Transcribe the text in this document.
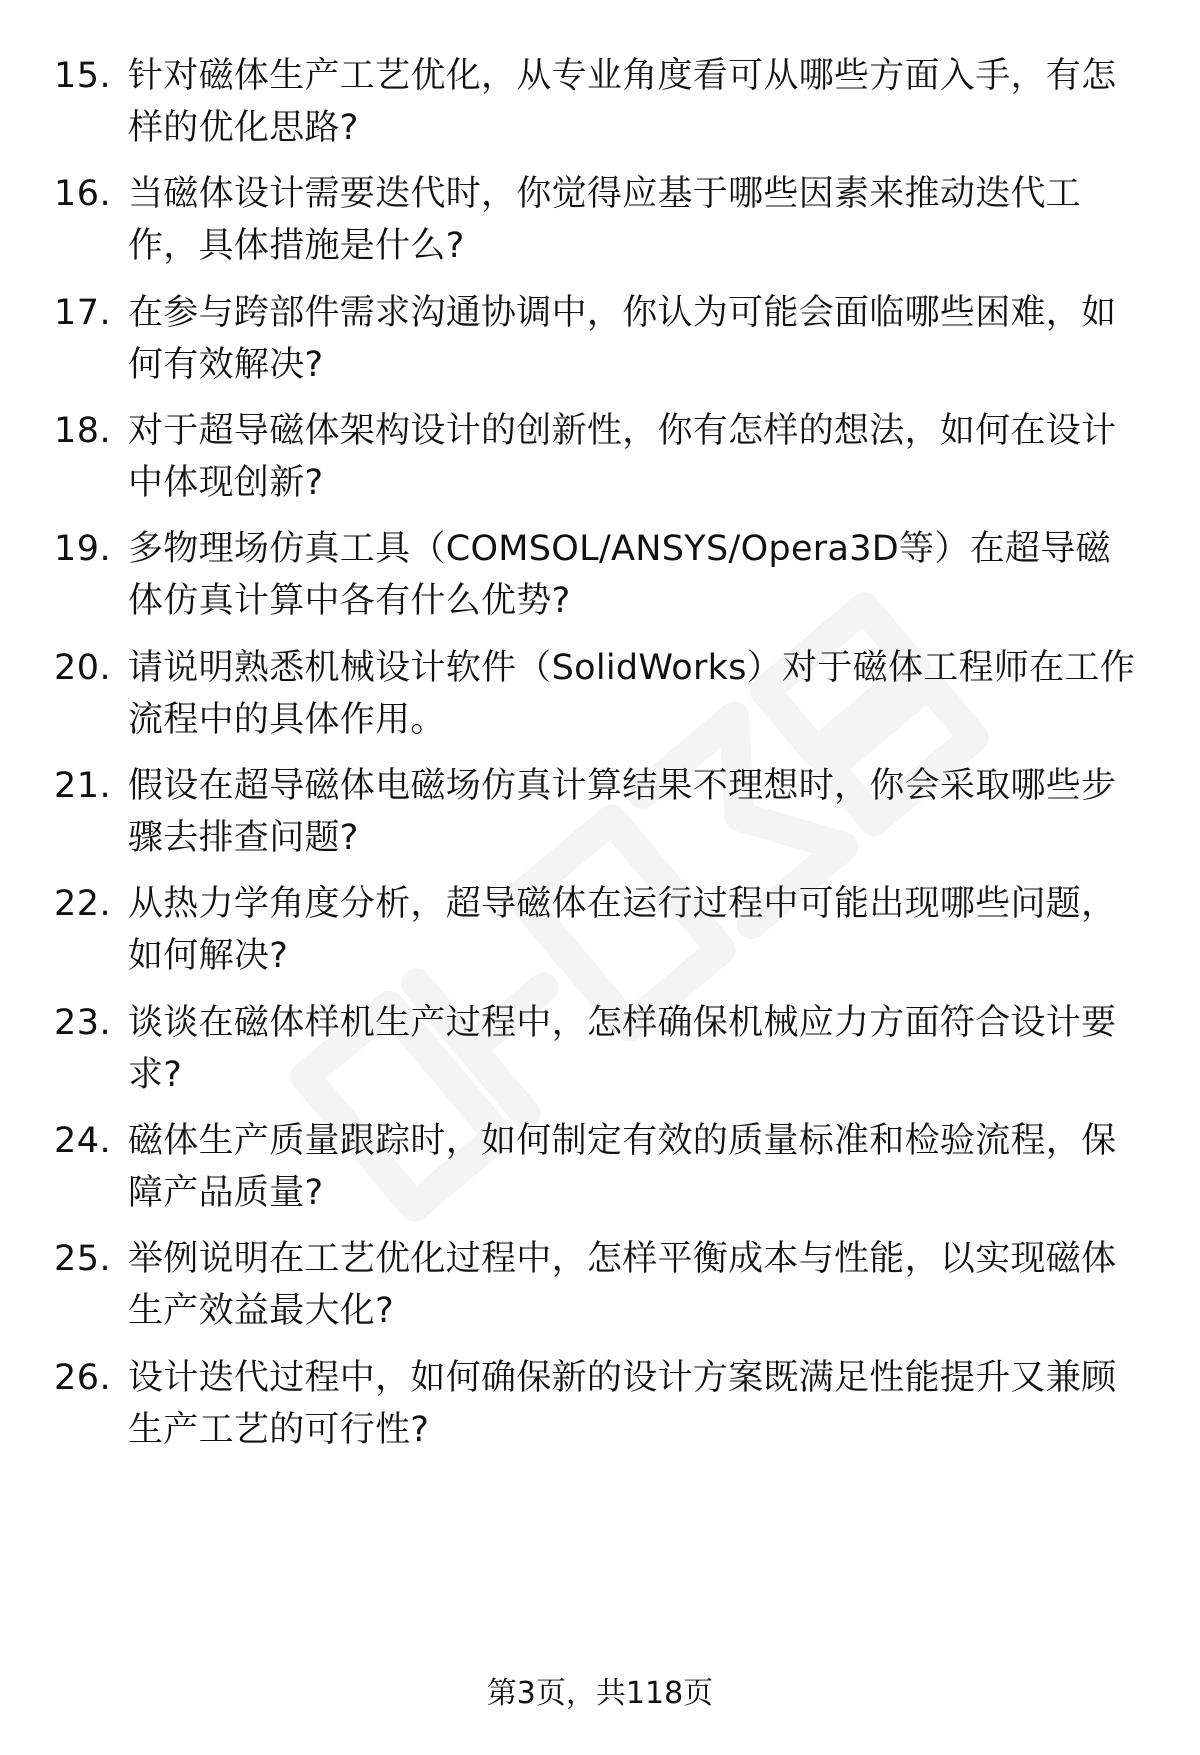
15. 针对磁体生产工艺优化，从专业角度看可从哪些方面入手，有怎
样的优化思路?
16. 当磁体设计需要迭代时，你觉得应基于哪些因素来推动迭代工
作，具体措施是什么?
17. 在参与跨部件需求沟通协调中，你认为可能会面临哪些困难，如
何有效解决?
18. 对于超导磁体架构设计的创新性，你有怎样的想法，如何在设计
中体现创新?
19. 多物理场仿真工具（COMSOL/ANSYS/Opera3D等）在超导磁
体仿真计算中各有什么优势?
20. 请说明熟悉机械设计软件（SolidWorks）对于磁体工程师在工作
流程中的具体作用。
21. 假设在超导磁体电磁场仿真计算结果不理想时，你会采取哪些步
骤去排查问题?
22. 从热力学角度分析，超导磁体在运行过程中可能出现哪些问题，
如何解决?
23. 谈谈在磁体样机生产过程中，怎样确保机械应力方面符合设计要
求?
24. 磁体生产质量跟踪时，如何制定有效的质量标准和检验流程，保
障产品质量?
25. 举例说明在工艺优化过程中，怎样平衡成本与性能，以实现磁体
生产效益最大化?
26. 设计迭代过程中，如何确保新的设计方案既满足性能提升又兼顾
生产工艺的可行性?
第3页，共118页
